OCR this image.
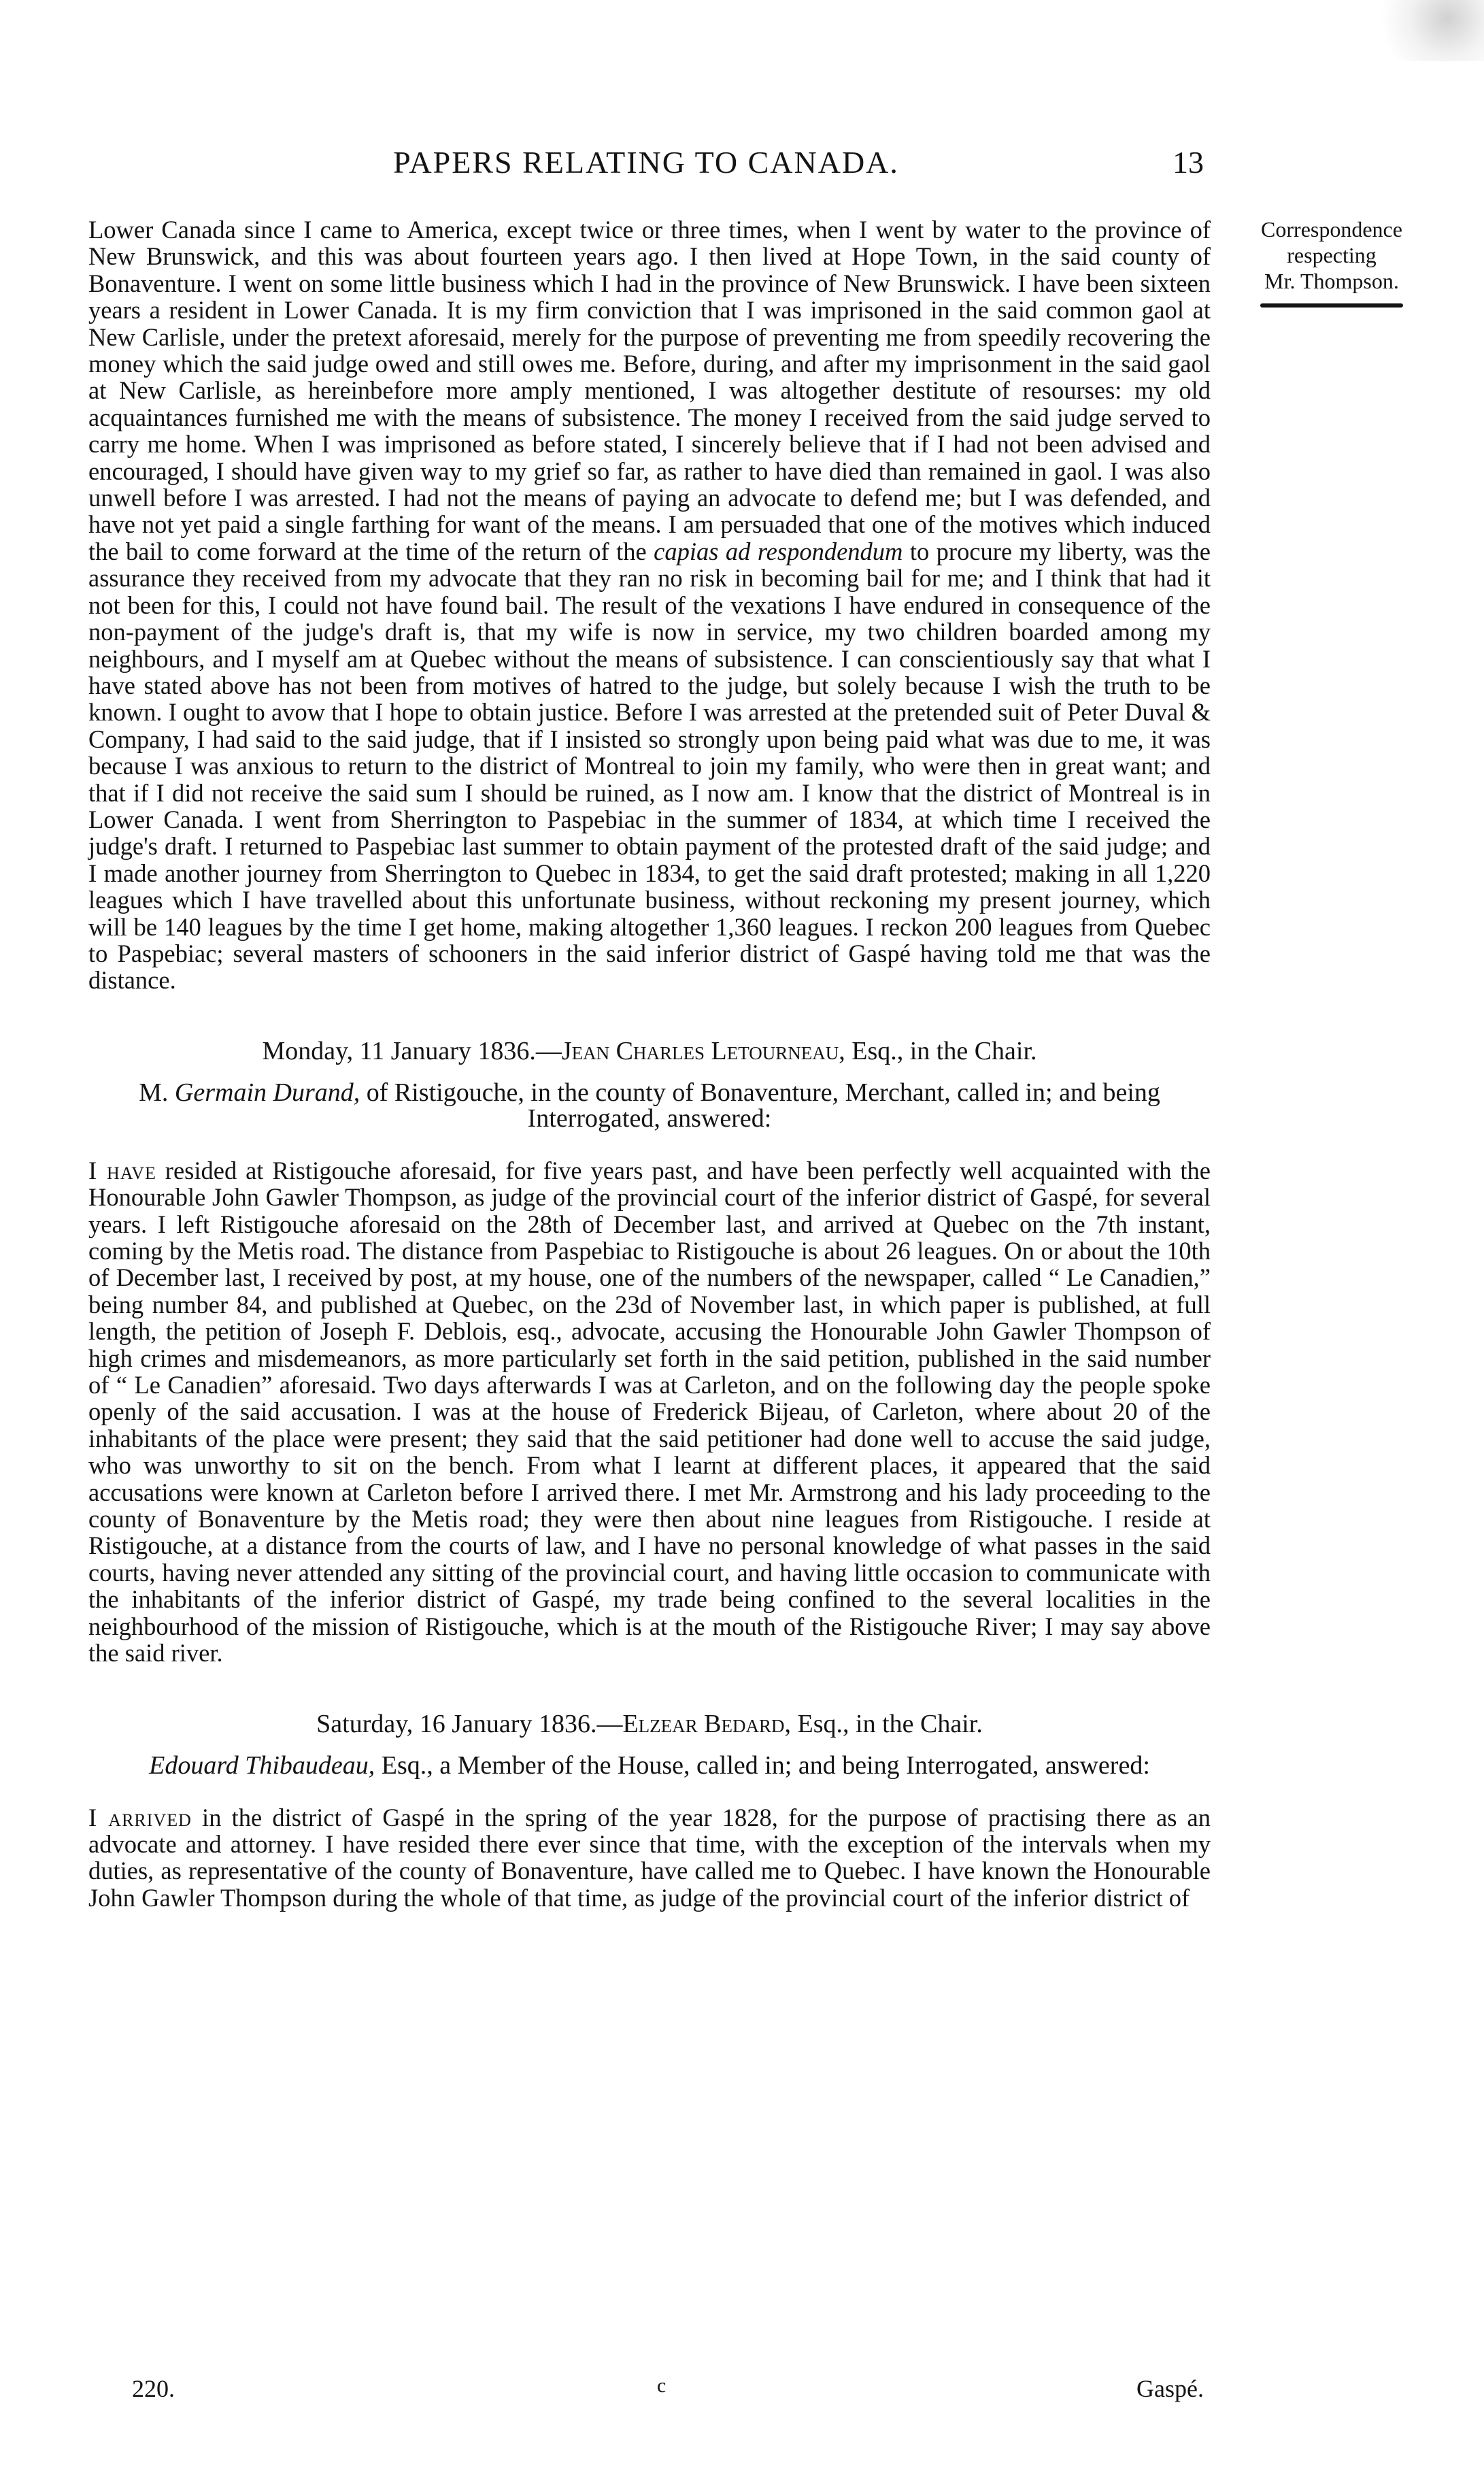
PAPERS RELATING TO CANADA.	13
Correspondence
respecting
Mr. Thompson.

Lower Canada since I came to America, except twice or three times, when I went by water to the province of New Brunswick, and this was about fourteen years ago. I then lived at Hope Town, in the said county of Bonaventure. I went on some little business which I had in the province of New Brunswick. I have been sixteen years a resident in Lower Canada. It is my firm conviction that I was imprisoned in the said common gaol at New Carlisle, under the pretext aforesaid, merely for the purpose of preventing me from speedily recovering the money which the said judge owed and still owes me. Before, during, and after my imprisonment in the said gaol at New Carlisle, as hereinbefore more amply mentioned, I was altogether destitute of resourses: my old acquaintances furnished me with the means of subsistence. The money I received from the said judge served to carry me home. When I was imprisoned as before stated, I sincerely believe that if I had not been advised and encouraged, I should have given way to my grief so far, as rather to have died than remained in gaol. I was also unwell before I was arrested. I had not the means of paying an advocate to defend me; but I was defended, and have not yet paid a single farthing for want of the means. I am persuaded that one of the motives which induced the bail to come forward at the time of the return of the capias ad respondendum to procure my liberty, was the assurance they received from my advocate that they ran no risk in becoming bail for me; and I think that had it not been for this, I could not have found bail. The result of the vexations I have endured in consequence of the non-payment of the judge's draft is, that my wife is now in service, my two children boarded among my neighbours, and I myself am at Quebec without the means of subsistence. I can conscientiously say that what I have stated above has not been from motives of hatred to the judge, but solely because I wish the truth to be known. I ought to avow that I hope to obtain justice. Before I was arrested at the pretended suit of Peter Duval & Company, I had said to the said judge, that if I insisted so strongly upon being paid what was due to me, it was because I was anxious to return to the district of Montreal to join my family, who were then in great want; and that if I did not receive the said sum I should be ruined, as I now am. I know that the district of Montreal is in Lower Canada. I went from Sherrington to Paspebiac in the summer of 1834, at which time I received the judge's draft. I returned to Paspebiac last summer to obtain payment of the protested draft of the said judge; and I made another journey from Sherrington to Quebec in 1834, to get the said draft protested; making in all 1,220 leagues which I have travelled about this unfortunate business, without reckoning my present journey, which will be 140 leagues by the time I get home, making altogether 1,360 leagues. I reckon 200 leagues from Quebec to Paspebiac; several masters of schooners in the said inferior district of Gaspé having told me that was the distance.

Monday, 11 January 1836.—Jean Charles Letourneau, Esq., in the Chair.

M. Germain Durand, of Ristigouche, in the county of Bonaventure, Merchant, called in; and being Interrogated, answered:

I have resided at Ristigouche aforesaid, for five years past, and have been perfectly well acquainted with the Honourable John Gawler Thompson, as judge of the provincial court of the inferior district of Gaspé, for several years. I left Ristigouche aforesaid on the 28th of December last, and arrived at Quebec on the 7th instant, coming by the Metis road. The distance from Paspebiac to Ristigouche is about 26 leagues. On or about the 10th of December last, I received by post, at my house, one of the numbers of the newspaper, called “ Le Canadien,” being number 84, and published at Quebec, on the 23d of November last, in which paper is published, at full length, the petition of Joseph F. Deblois, esq., advocate, accusing the Honourable John Gawler Thompson of high crimes and misdemeanors, as more particularly set forth in the said petition, published in the said number of “ Le Canadien” aforesaid. Two days afterwards I was at Carleton, and on the following day the people spoke openly of the said accusation. I was at the house of Frederick Bijeau, of Carleton, where about 20 of the inhabitants of the place were present; they said that the said petitioner had done well to accuse the said judge, who was unworthy to sit on the bench. From what I learnt at different places, it appeared that the said accusations were known at Carleton before I arrived there. I met Mr. Armstrong and his lady proceeding to the county of Bonaventure by the Metis road; they were then about nine leagues from Ristigouche. I reside at Ristigouche, at a distance from the courts of law, and I have no personal knowledge of what passes in the said courts, having never attended any sitting of the provincial court, and having little occasion to communicate with the inhabitants of the inferior district of Gaspé, my trade being confined to the several localities in the neighbourhood of the mission of Ristigouche, which is at the mouth of the Ristigouche River; I may say above the said river.

Saturday, 16 January 1836.—Elzear Bedard, Esq., in the Chair.

Edouard Thibaudeau, Esq., a Member of the House, called in; and being Interrogated, answered:

I arrived in the district of Gaspé in the spring of the year 1828, for the purpose of practising there as an advocate and attorney. I have resided there ever since that time, with the exception of the intervals when my duties, as representative of the county of Bonaventure, have called me to Quebec. I have known the Honourable John Gawler Thompson during the whole of that time, as judge of the provincial court of the inferior district of

220.	c	Gaspé.
